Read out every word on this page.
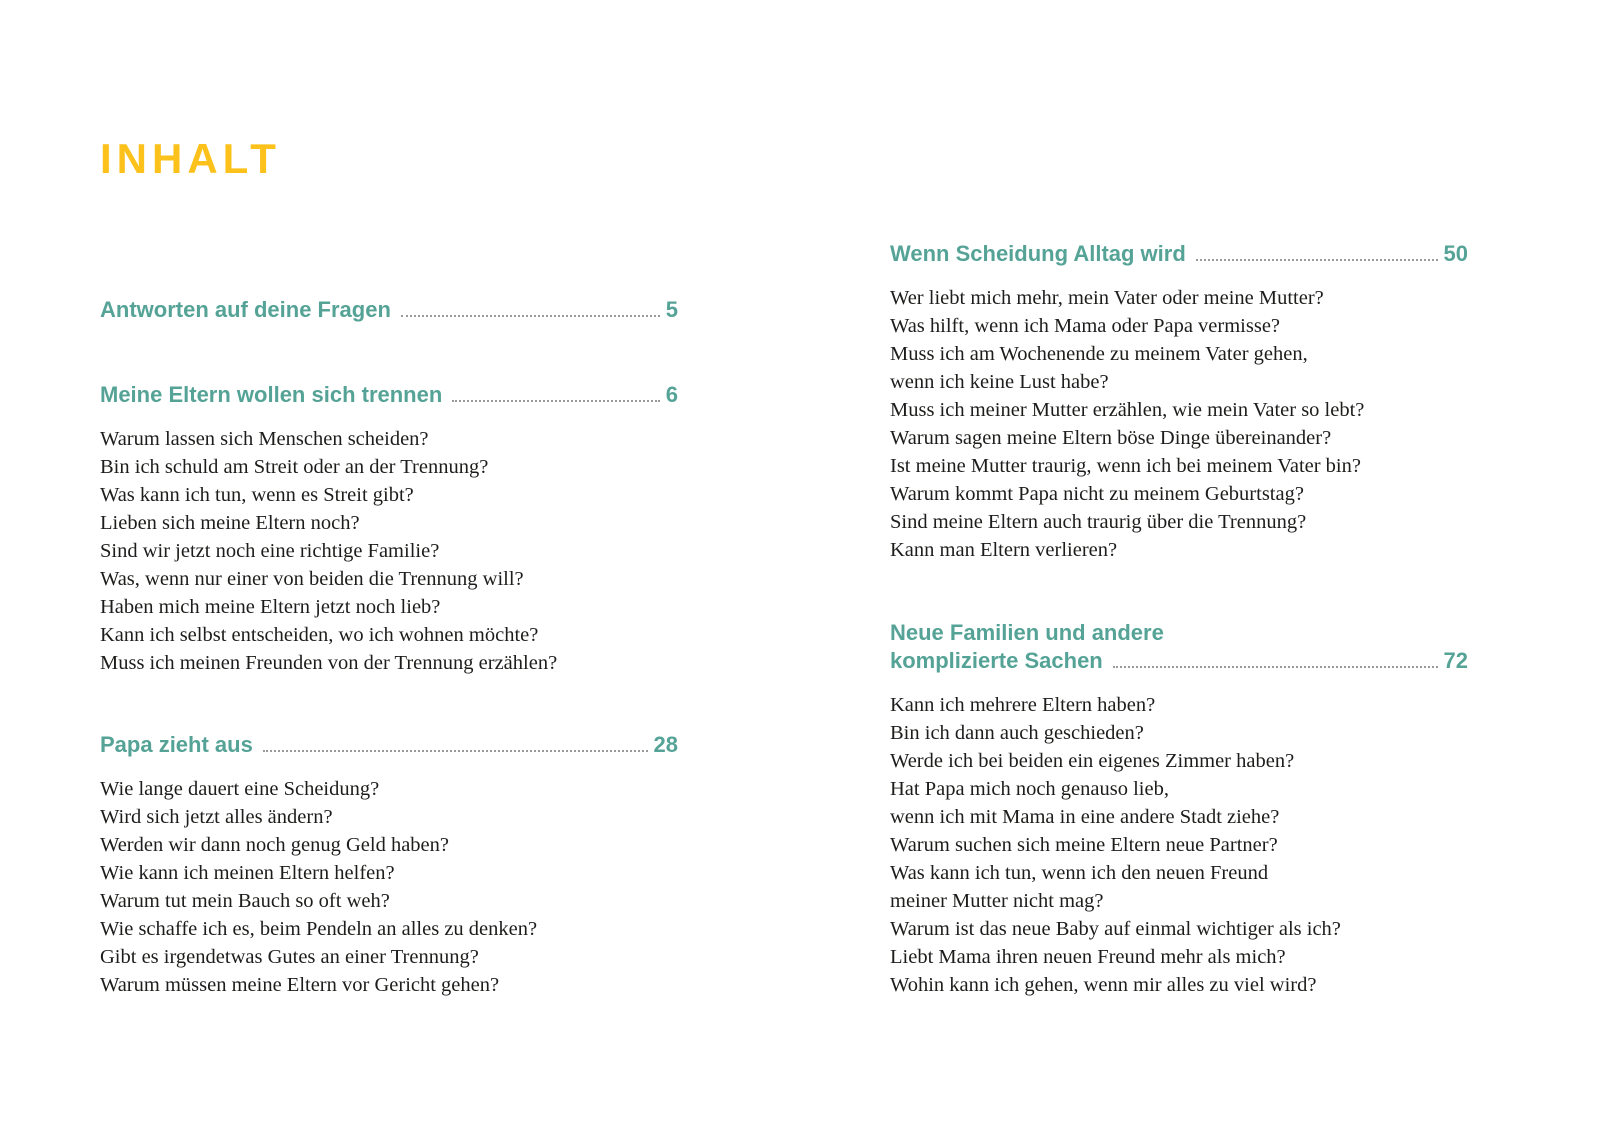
INHALT
Antworten auf deine Fragen	5
Meine Eltern wollen sich trennen	6
Warum lassen sich Menschen scheiden?
Bin ich schuld am Streit oder an der Trennung?
Was kann ich tun, wenn es Streit gibt?
Lieben sich meine Eltern noch?
Sind wir jetzt noch eine richtige Familie?
Was, wenn nur einer von beiden die Trennung will?
Haben mich meine Eltern jetzt noch lieb?
Kann ich selbst entscheiden, wo ich wohnen möchte?
Muss ich meinen Freunden von der Trennung erzählen?
Papa zieht aus	28
Wie lange dauert eine Scheidung?
Wird sich jetzt alles ändern?
Werden wir dann noch genug Geld haben?
Wie kann ich meinen Eltern helfen?
Warum tut mein Bauch so oft weh?
Wie schaffe ich es, beim Pendeln an alles zu denken?
Gibt es irgendetwas Gutes an einer Trennung?
Warum müssen meine Eltern vor Gericht gehen?
Wenn Scheidung Alltag wird	50
Wer liebt mich mehr, mein Vater oder meine Mutter?
Was hilft, wenn ich Mama oder Papa vermisse?
Muss ich am Wochenende zu meinem Vater gehen,
wenn ich keine Lust habe?
Muss ich meiner Mutter erzählen, wie mein Vater so lebt?
Warum sagen meine Eltern böse Dinge übereinander?
Ist meine Mutter traurig, wenn ich bei meinem Vater bin?
Warum kommt Papa nicht zu meinem Geburtstag?
Sind meine Eltern auch traurig über die Trennung?
Kann man Eltern verlieren?
Neue Familien und andere
komplizierte Sachen	72
Kann ich mehrere Eltern haben?
Bin ich dann auch geschieden?
Werde ich bei beiden ein eigenes Zimmer haben?
Hat Papa mich noch genauso lieb,
wenn ich mit Mama in eine andere Stadt ziehe?
Warum suchen sich meine Eltern neue Partner?
Was kann ich tun, wenn ich den neuen Freund
meiner Mutter nicht mag?
Warum ist das neue Baby auf einmal wichtiger als ich?
Liebt Mama ihren neuen Freund mehr als mich?
Wohin kann ich gehen, wenn mir alles zu viel wird?
